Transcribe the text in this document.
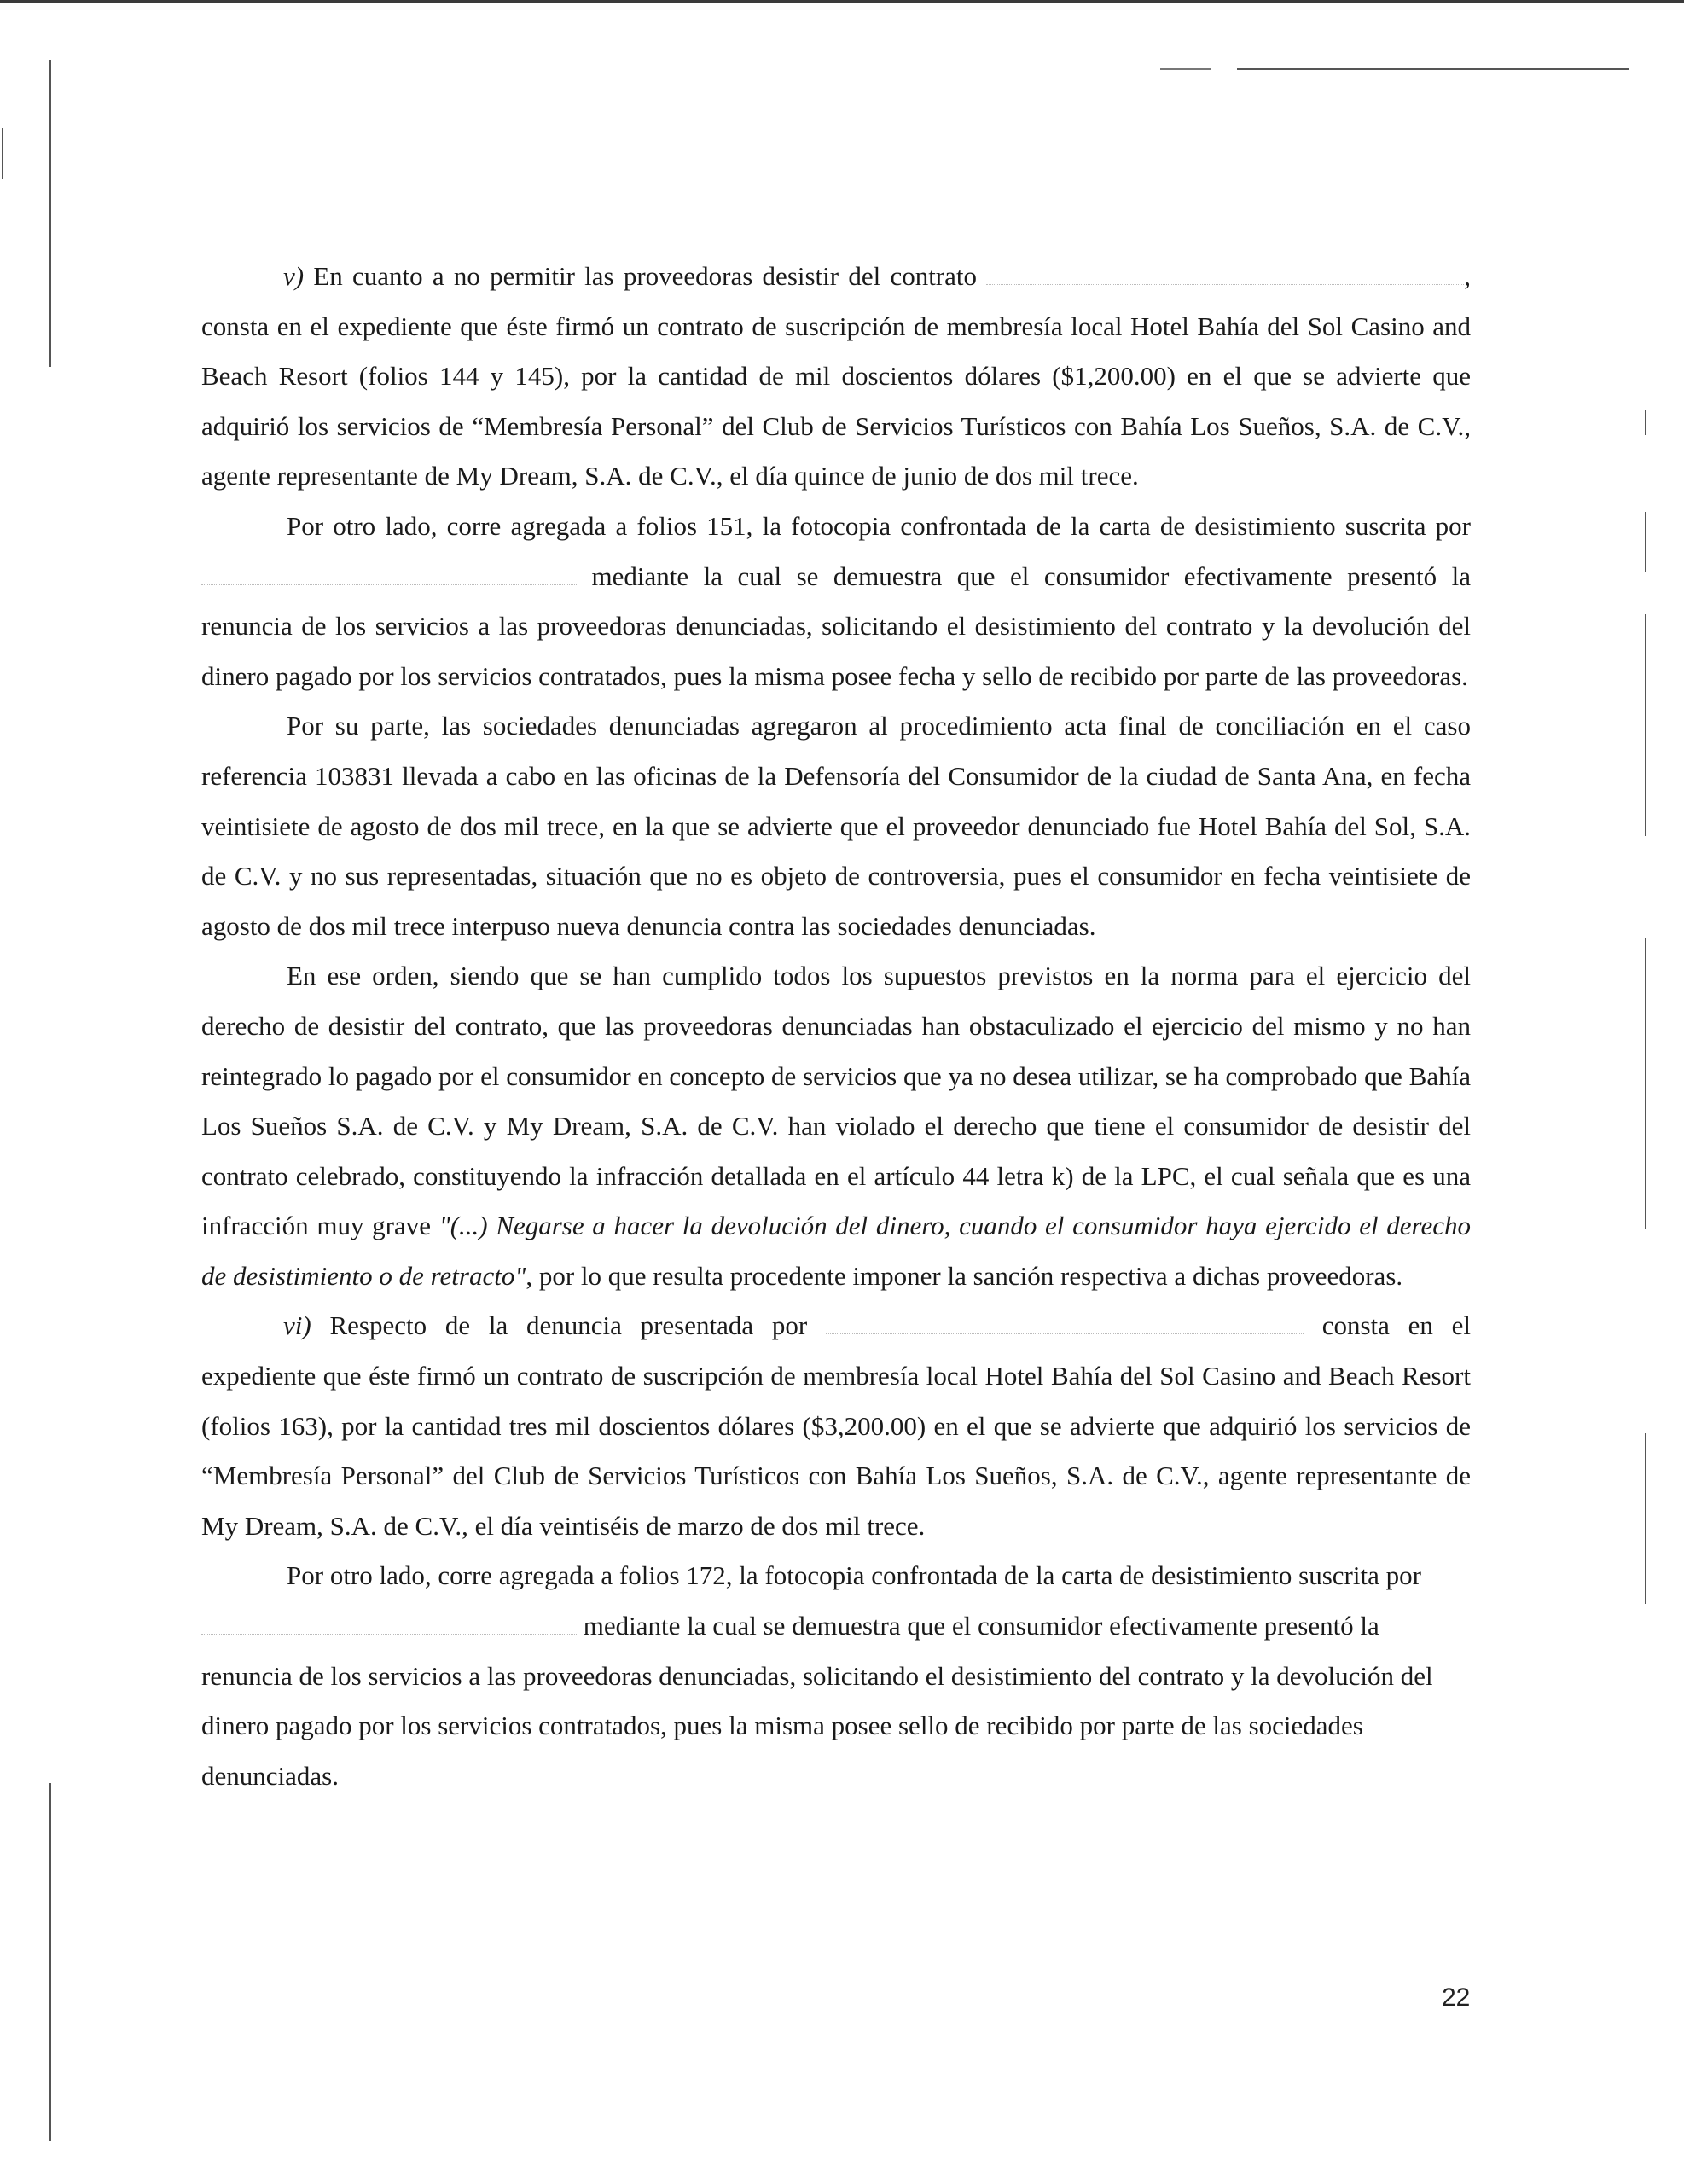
v) En cuanto a no permitir las proveedoras desistir del contrato	, consta en el expediente que éste firmó un contrato de suscripción de membresía local Hotel Bahía del Sol Casino and Beach Resort (folios 144 y 145), por la cantidad de mil doscientos dólares ($1,200.00) en el que se advierte que adquirió los servicios de “Membresía Personal” del Club de Servicios Turísticos con Bahía Los Sueños, S.A. de C.V., agente representante de My Dream, S.A. de C.V., el día quince de junio de dos mil trece.

Por otro lado, corre agregada a folios 151, la fotocopia confrontada de la carta de desistimiento suscrita por  mediante la cual se demuestra que el consumidor efectivamente presentó la renuncia de los servicios a las proveedoras denunciadas, solicitando el desistimiento del contrato y la devolución del dinero pagado por los servicios contratados, pues la misma posee fecha y sello de recibido por parte de las proveedoras.

Por su parte, las sociedades denunciadas agregaron al procedimiento acta final de conciliación en el caso referencia 103831 llevada a cabo en las oficinas de la Defensoría del Consumidor de la ciudad de Santa Ana, en fecha veintisiete de agosto de dos mil trece, en la que se advierte que el proveedor denunciado fue Hotel Bahía del Sol, S.A. de C.V. y no sus representadas, situación que no es objeto de controversia, pues el consumidor en fecha veintisiete de agosto de dos mil trece interpuso nueva denuncia contra las sociedades denunciadas.

En ese orden, siendo que se han cumplido todos los supuestos previstos en la norma para el ejercicio del derecho de desistir del contrato, que las proveedoras denunciadas han obstaculizado el ejercicio del mismo y no han reintegrado lo pagado por el consumidor en concepto de servicios que ya no desea utilizar, se ha comprobado que Bahía Los Sueños S.A. de C.V. y My Dream, S.A. de C.V. han violado el derecho que tiene el consumidor de desistir del contrato celebrado, constituyendo la infracción detallada en el artículo 44 letra k) de la LPC, el cual señala que es una infracción muy grave "(...) Negarse a hacer la devolución del dinero, cuando el consumidor haya ejercido el derecho de desistimiento o de retracto", por lo que resulta procedente imponer la sanción respectiva a dichas proveedoras.

vi) Respecto de la denuncia presentada por	consta en el expediente que éste firmó un contrato de suscripción de membresía local Hotel Bahía del Sol Casino and Beach Resort (folios 163), por la cantidad tres mil doscientos dólares ($3,200.00) en el que se advierte que adquirió los servicios de “Membresía Personal” del Club de Servicios Turísticos con Bahía Los Sueños, S.A. de C.V., agente representante de My Dream, S.A. de C.V., el día veintiséis de marzo de dos mil trece.

Por otro lado, corre agregada a folios 172, la fotocopia confrontada de la carta de desistimiento suscrita por  mediante la cual se demuestra que el consumidor efectivamente presentó la renuncia de los servicios a las proveedoras denunciadas, solicitando el desistimiento del contrato y la devolución del dinero pagado por los servicios contratados, pues la misma posee sello de recibido por parte de las sociedades denunciadas.

22
